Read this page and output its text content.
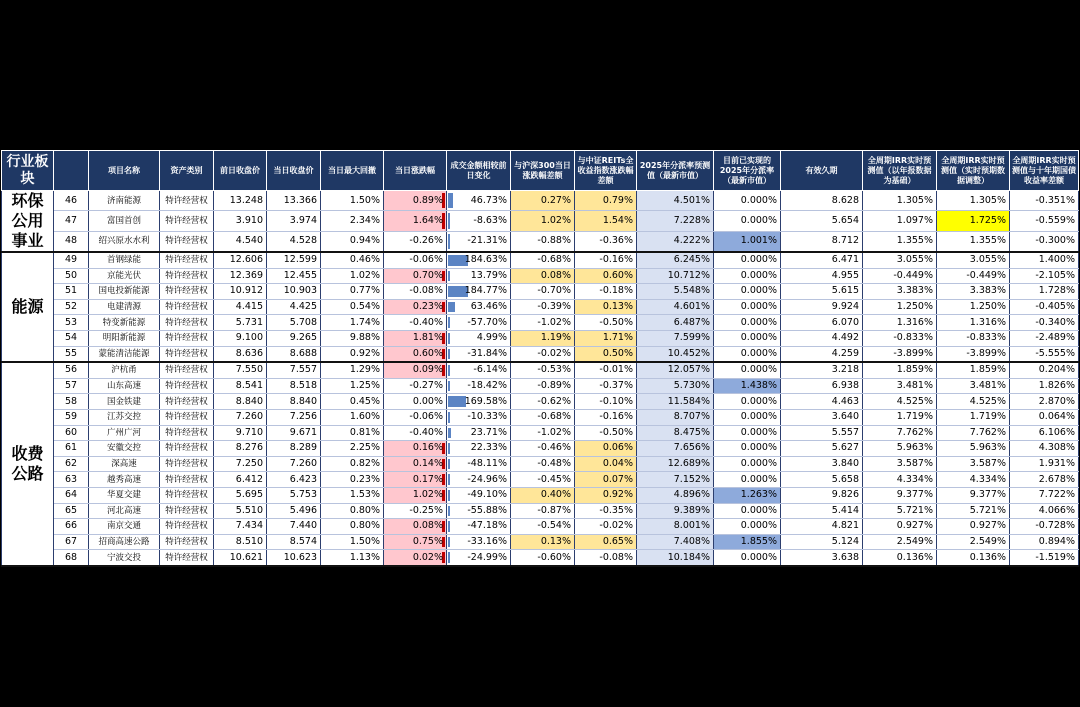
行业板块		项目名称	资产类别	前日收盘价	当日收盘价	当日最大回撤	当日涨跌幅	成交金额相较前日变化	与沪深300当日涨跌幅差额	与中证REITs全收益指数涨跌幅差额	2025年分派率预测值（最新市值）	目前已实现的2025年分派率（最新市值）	有效久期	全周期IRR实时预测值（以年报数据为基础）	全周期IRR实时预测值（实时预期数据调整）	全周期IRR实时预测值与十年期国债收益率差额
环保公用事业	46	济南能源	特许经营权	13.248	13.366	1.50%	0.89%	46.73%	0.27%	0.79%	4.501%	0.000%	8.628	1.305%	1.305%	-0.351%
	47	富国首创	特许经营权	3.910	3.974	2.34%	1.64%	-8.63%	1.02%	1.54%	7.228%	0.000%	5.654	1.097%	1.725%	-0.559%
	48	绍兴原水水利	特许经营权	4.540	4.528	0.94%	-0.26%	-21.31%	-0.88%	-0.36%	4.222%	1.001%	8.712	1.355%	1.355%	-0.300%
能源	49	首钢绿能	特许经营权	12.606	12.599	0.46%	-0.06%	184.63%	-0.68%	-0.16%	6.245%	0.000%	6.471	3.055%	3.055%	1.400%
	50	京能光伏	特许经营权	12.369	12.455	1.02%	0.70%	13.79%	0.08%	0.60%	10.712%	0.000%	4.955	-0.449%	-0.449%	-2.105%
	51	国电投新能源	特许经营权	10.912	10.903	0.77%	-0.08%	184.77%	-0.70%	-0.18%	5.548%	0.000%	5.615	3.383%	3.383%	1.728%
	52	电建清源	特许经营权	4.415	4.425	0.54%	0.23%	63.46%	-0.39%	0.13%	4.601%	0.000%	9.924	1.250%	1.250%	-0.405%
	53	特变新能源	特许经营权	5.731	5.708	1.74%	-0.40%	-57.70%	-1.02%	-0.50%	6.487%	0.000%	6.070	1.316%	1.316%	-0.340%
	54	明阳新能源	特许经营权	9.100	9.265	9.88%	1.81%	4.99%	1.19%	1.71%	7.599%	0.000%	4.492	-0.833%	-0.833%	-2.489%
	55	蒙能清洁能源	特许经营权	8.636	8.688	0.92%	0.60%	-31.84%	-0.02%	0.50%	10.452%	0.000%	4.259	-3.899%	-3.899%	-5.555%
收费公路	56	沪杭甬	特许经营权	7.550	7.557	1.29%	0.09%	-6.14%	-0.53%	-0.01%	12.057%	0.000%	3.218	1.859%	1.859%	0.204%
	57	山东高速	特许经营权	8.541	8.518	1.25%	-0.27%	-18.42%	-0.89%	-0.37%	5.730%	1.438%	6.938	3.481%	3.481%	1.826%
	58	国金铁建	特许经营权	8.840	8.840	0.45%	0.00%	169.58%	-0.62%	-0.10%	11.584%	0.000%	4.463	4.525%	4.525%	2.870%
	59	江苏交控	特许经营权	7.260	7.256	1.60%	-0.06%	-10.33%	-0.68%	-0.16%	8.707%	0.000%	3.640	1.719%	1.719%	0.064%
	60	广州广河	特许经营权	9.710	9.671	0.81%	-0.40%	23.71%	-1.02%	-0.50%	8.475%	0.000%	5.557	7.762%	7.762%	6.106%
	61	安徽交控	特许经营权	8.276	8.289	2.25%	0.16%	22.33%	-0.46%	0.06%	7.656%	0.000%	5.627	5.963%	5.963%	4.308%
	62	深高速	特许经营权	7.250	7.260	0.82%	0.14%	-48.11%	-0.48%	0.04%	12.689%	0.000%	3.840	3.587%	3.587%	1.931%
	63	越秀高速	特许经营权	6.412	6.423	0.23%	0.17%	-24.96%	-0.45%	0.07%	7.152%	0.000%	5.658	4.334%	4.334%	2.678%
	64	华夏交建	特许经营权	5.695	5.753	1.53%	1.02%	-49.10%	0.40%	0.92%	4.896%	1.263%	9.826	9.377%	9.377%	7.722%
	65	河北高速	特许经营权	5.510	5.496	0.80%	-0.25%	-55.88%	-0.87%	-0.35%	9.389%	0.000%	5.414	5.721%	5.721%	4.066%
	66	南京交通	特许经营权	7.434	7.440	0.80%	0.08%	-47.18%	-0.54%	-0.02%	8.001%	0.000%	4.821	0.927%	0.927%	-0.728%
	67	招商高速公路	特许经营权	8.510	8.574	1.50%	0.75%	-33.16%	0.13%	0.65%	7.408%	1.855%	5.124	2.549%	2.549%	0.894%
	68	宁波交投	特许经营权	10.621	10.623	1.13%	0.02%	-24.99%	-0.60%	-0.08%	10.184%	0.000%	3.638	0.136%	0.136%	-1.519%
